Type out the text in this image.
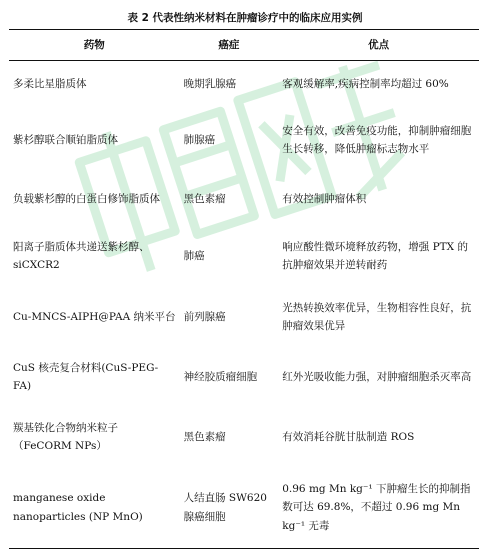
表 2 代表性纳米材料在肿瘤诊疗中的临床应用实例
药物	癌症	优点
多柔比星脂质体	晚期乳腺癌	客观缓解率,疾病控制率均超过 60%
紫杉醇联合顺铂脂质体	肺腺癌	安全有效，改善免疫功能，抑制肿瘤细胞生长转移，降低肿瘤标志物水平
负载紫杉醇的白蛋白修饰脂质体	黑色素瘤	有效控制肿瘤体积
阳离子脂质体共递送紫杉醇、siCXCR2	肺癌	响应酸性微环境释放药物，增强 PTX 的抗肿瘤效果并逆转耐药
Cu-MNCS-AIPH@PAA 纳米平台	前列腺癌	光热转换效率优异，生物相容性良好，抗肿瘤效果优异
CuS 核壳复合材料(CuS-PEG-FA)	神经胶质瘤细胞	红外光吸收能力强，对肿瘤细胞杀灭率高
羰基铁化合物纳米粒子（FeCORM NPs）	黑色素瘤	有效消耗谷胱甘肽制造 ROS
manganese oxide nanoparticles (NP MnO)	人结直肠 SW620 腺癌细胞	0.96 mg Mn kg⁻¹ 下肿瘤生长的抑制指数可达 69.8%，不超过 0.96 mg Mn kg⁻¹ 无毒
